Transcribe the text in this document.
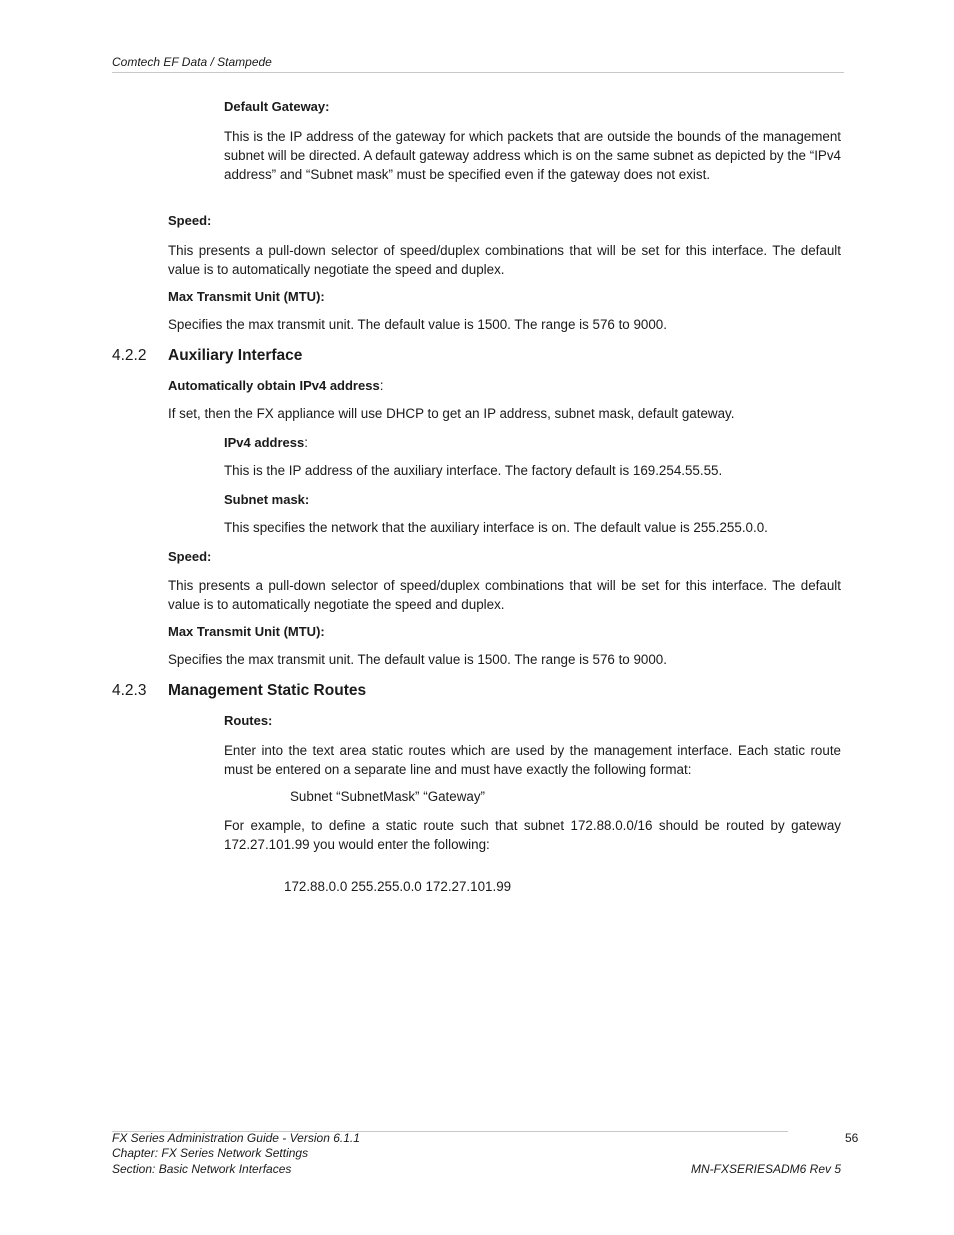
Comtech EF Data / Stampede
Default Gateway:
This is the IP address of the gateway for which packets that are outside the bounds of the management subnet will be directed. A default gateway address which is on the same subnet as depicted by the “IPv4 address” and “Subnet mask” must be specified even if the gateway does not exist.
Speed:
This presents a pull-down selector of speed/duplex combinations that will be set for this interface. The default value is to automatically negotiate the speed and duplex.
Max Transmit Unit (MTU):
Specifies the max transmit unit. The default value is 1500. The range is 576 to 9000.
4.2.2 Auxiliary Interface
Automatically obtain IPv4 address:
If set, then the FX appliance will use DHCP to get an IP address, subnet mask, default gateway.
IPv4 address:
This is the IP address of the auxiliary interface. The factory default is 169.254.55.55.
Subnet mask:
This specifies the network that the auxiliary interface is on. The default value is 255.255.0.0.
Speed:
This presents a pull-down selector of speed/duplex combinations that will be set for this interface. The default value is to automatically negotiate the speed and duplex.
Max Transmit Unit (MTU):
Specifies the max transmit unit. The default value is 1500. The range is 576 to 9000.
4.2.3 Management Static Routes
Routes:
Enter into the text area static routes which are used by the management interface. Each static route must be entered on a separate line and must have exactly the following format:
Subnet “SubnetMask” “Gateway”
For example, to define a static route such that subnet 172.88.0.0/16 should be routed by gateway 172.27.101.99 you would enter the following:
172.88.0.0 255.255.0.0 172.27.101.99
FX Series Administration Guide - Version 6.1.1	56
Chapter: FX Series Network Settings
Section: Basic Network Interfaces	MN-FXSERIESADM6 Rev 5
